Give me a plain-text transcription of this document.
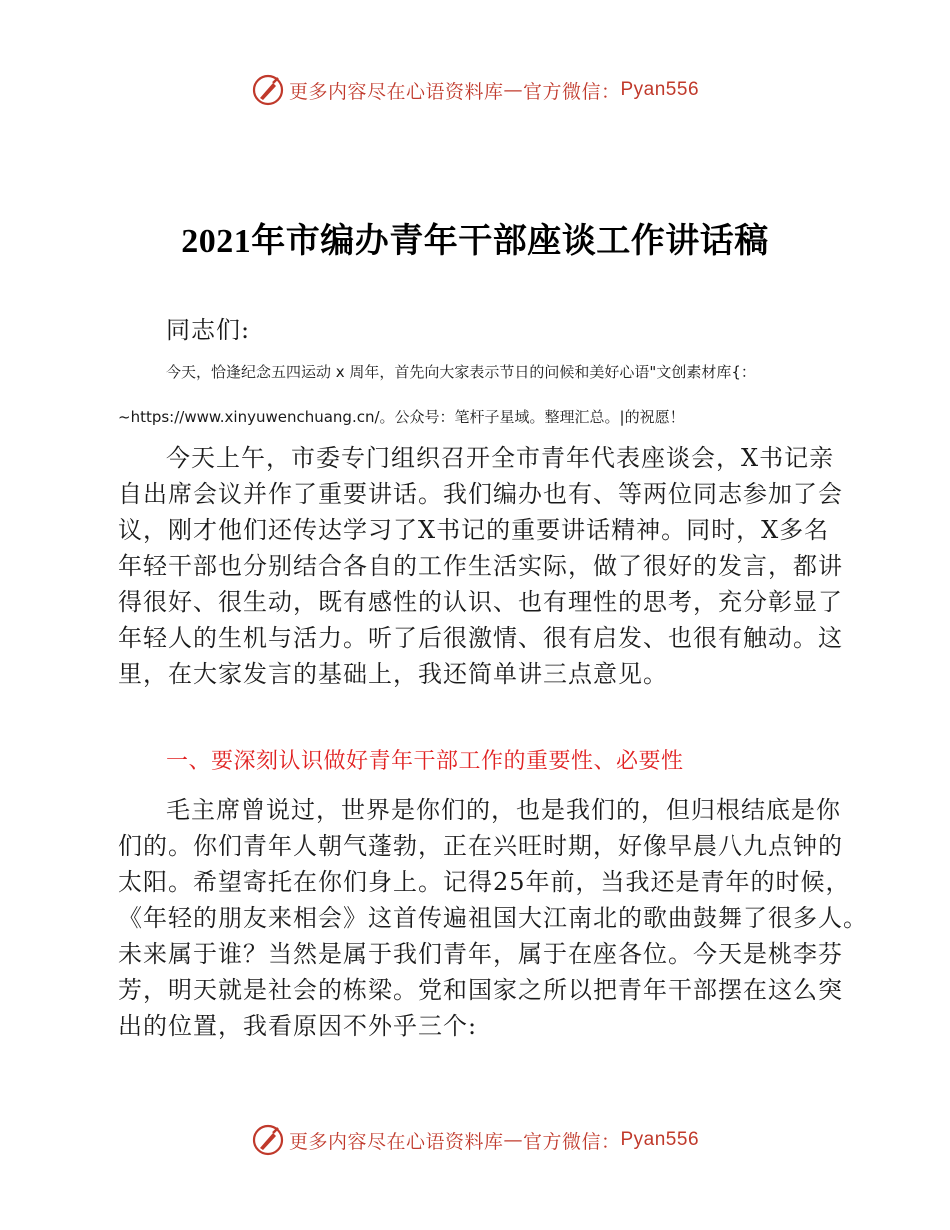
更多内容尽在心语资料库 — 官方微信： Pyan556
2021年市编办青年干部座谈工作讲话稿
同志们:
今天，恰逢纪念五四运动 x 周年，首先向大家表示节日的问候和美好心语"文创素材库{：
~https://www.xinyuwenchuang.cn/。公众号：笔杆子星域。整理汇总。|的祝愿！
今天上午，市委专门组织召开全市青年代表座谈会，X书记亲
自出席会议并作了重要讲话。我们编办也有、等两位同志参加了会
议，刚才他们还传达学习了X书记的重要讲话精神。同时，X多名
年轻干部也分别结合各自的工作生活实际，做了很好的发言，都讲
得很好、很生动，既有感性的认识、也有理性的思考，充分彰显了
年轻人的生机与活力。听了后很激情、很有启发、也很有触动。这
里，在大家发言的基础上，我还简单讲三点意见。
一、要深刻认识做好青年干部工作的重要性、必要性
毛主席曾说过，世界是你们的，也是我们的，但归根结底是你
们的。你们青年人朝气蓬勃，正在兴旺时期，好像早晨八九点钟的
太阳。希望寄托在你们身上。记得25年前，当我还是青年的时候，
《年轻的朋友来相会》这首传遍祖国大江南北的歌曲鼓舞了很多人。
未来属于谁？当然是属于我们青年，属于在座各位。今天是桃李芬
芳，明天就是社会的栋梁。党和国家之所以把青年干部摆在这么突
出的位置，我看原因不外乎三个:
更多内容尽在心语资料库 — 官方微信： Pyan556
